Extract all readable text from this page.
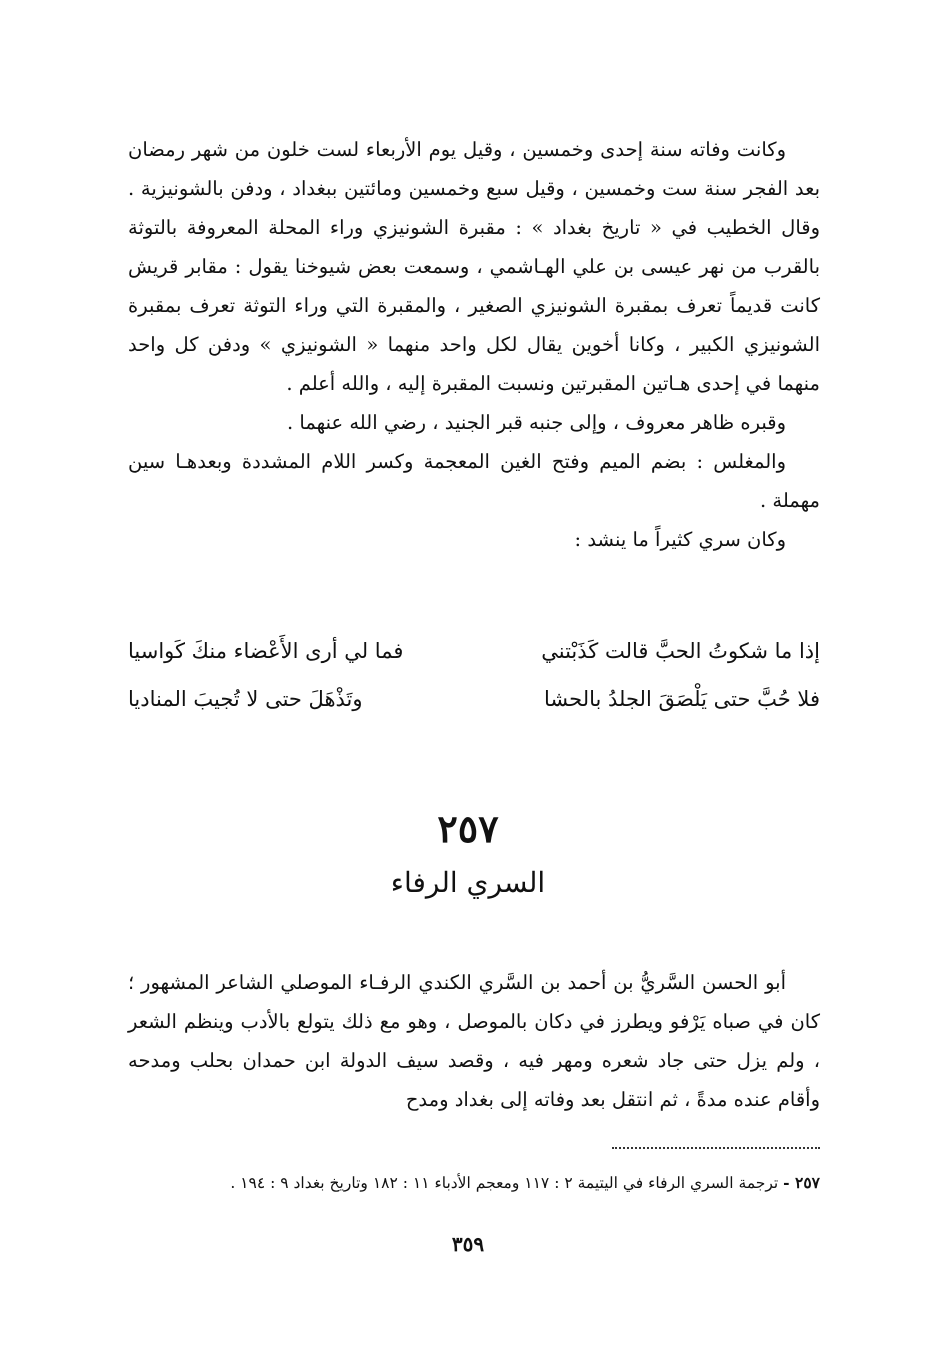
وكانت وفاته سنة إحدى وخمسين ، وقيل يوم الأربعاء لست خلون من شهر رمضان بعد الفجر سنة ست وخمسين ، وقيل سبع وخمسين ومائتين ببغداد ، ودفن بالشونيزية . وقال الخطيب في « تاريخ بغداد » : مقبرة الشونيزي وراء المحلة المعروفة بالتوثة بالقرب من نهر عيسى بن علي الهـاشمي ، وسمعت بعض شيوخنا يقول : مقابر قريش كانت قديماً تعرف بمقبرة الشونيزي الصغير ، والمقبرة التي وراء التوثة تعرف بمقبرة الشونيزي الكبير ، وكانا أخوين يقال لكل واحد منهما « الشونيزي » ودفن كل واحد منهما في إحدى هـاتين المقبرتين ونسبت المقبرة إليه ، والله أعلم .

وقبره ظاهر معروف ، وإلى جنبه قبر الجنيد ، رضي الله عنهما .

والمغلس : بضم الميم وفتح الغين المعجمة وكسر اللام المشددة وبعدهـا سين مهملة .

وكان سري كثيراً ما ينشد :

إذا ما شكوتُ الحبَّ قالت كَذَبْتني
فما لي أرى الأَعْضاء منكَ كَواسيا
فلا حُبَّ حتى يَلْصَقَ الجلدُ بالحشا
وتَذْهَلَ حتى لا تُجيبَ المناديا
٢٥٧
السري الرفاء

أبو الحسن السَّريُّ بن أحمد بن السَّري الكندي الرفـاء الموصلي الشاعر المشهور ؛ كان في صباه يَرْفو ويطرز في دكان بالموصل ، وهو مع ذلك يتولع بالأدب وينظم الشعر ، ولم يزل حتى جاد شعره ومهر فيه ، وقصد سيف الدولة ابن حمدان بحلب ومدحه وأقام عنده مدةً ، ثم انتقل بعد وفاته إلى بغداد ومدح

٢٥٧ - ترجمة السري الرفاء في اليتيمة ٢ : ١١٧ ومعجم الأدباء ١١ : ١٨٢ وتاريخ بغداد ٩ : ١٩٤ .
٣٥٩
